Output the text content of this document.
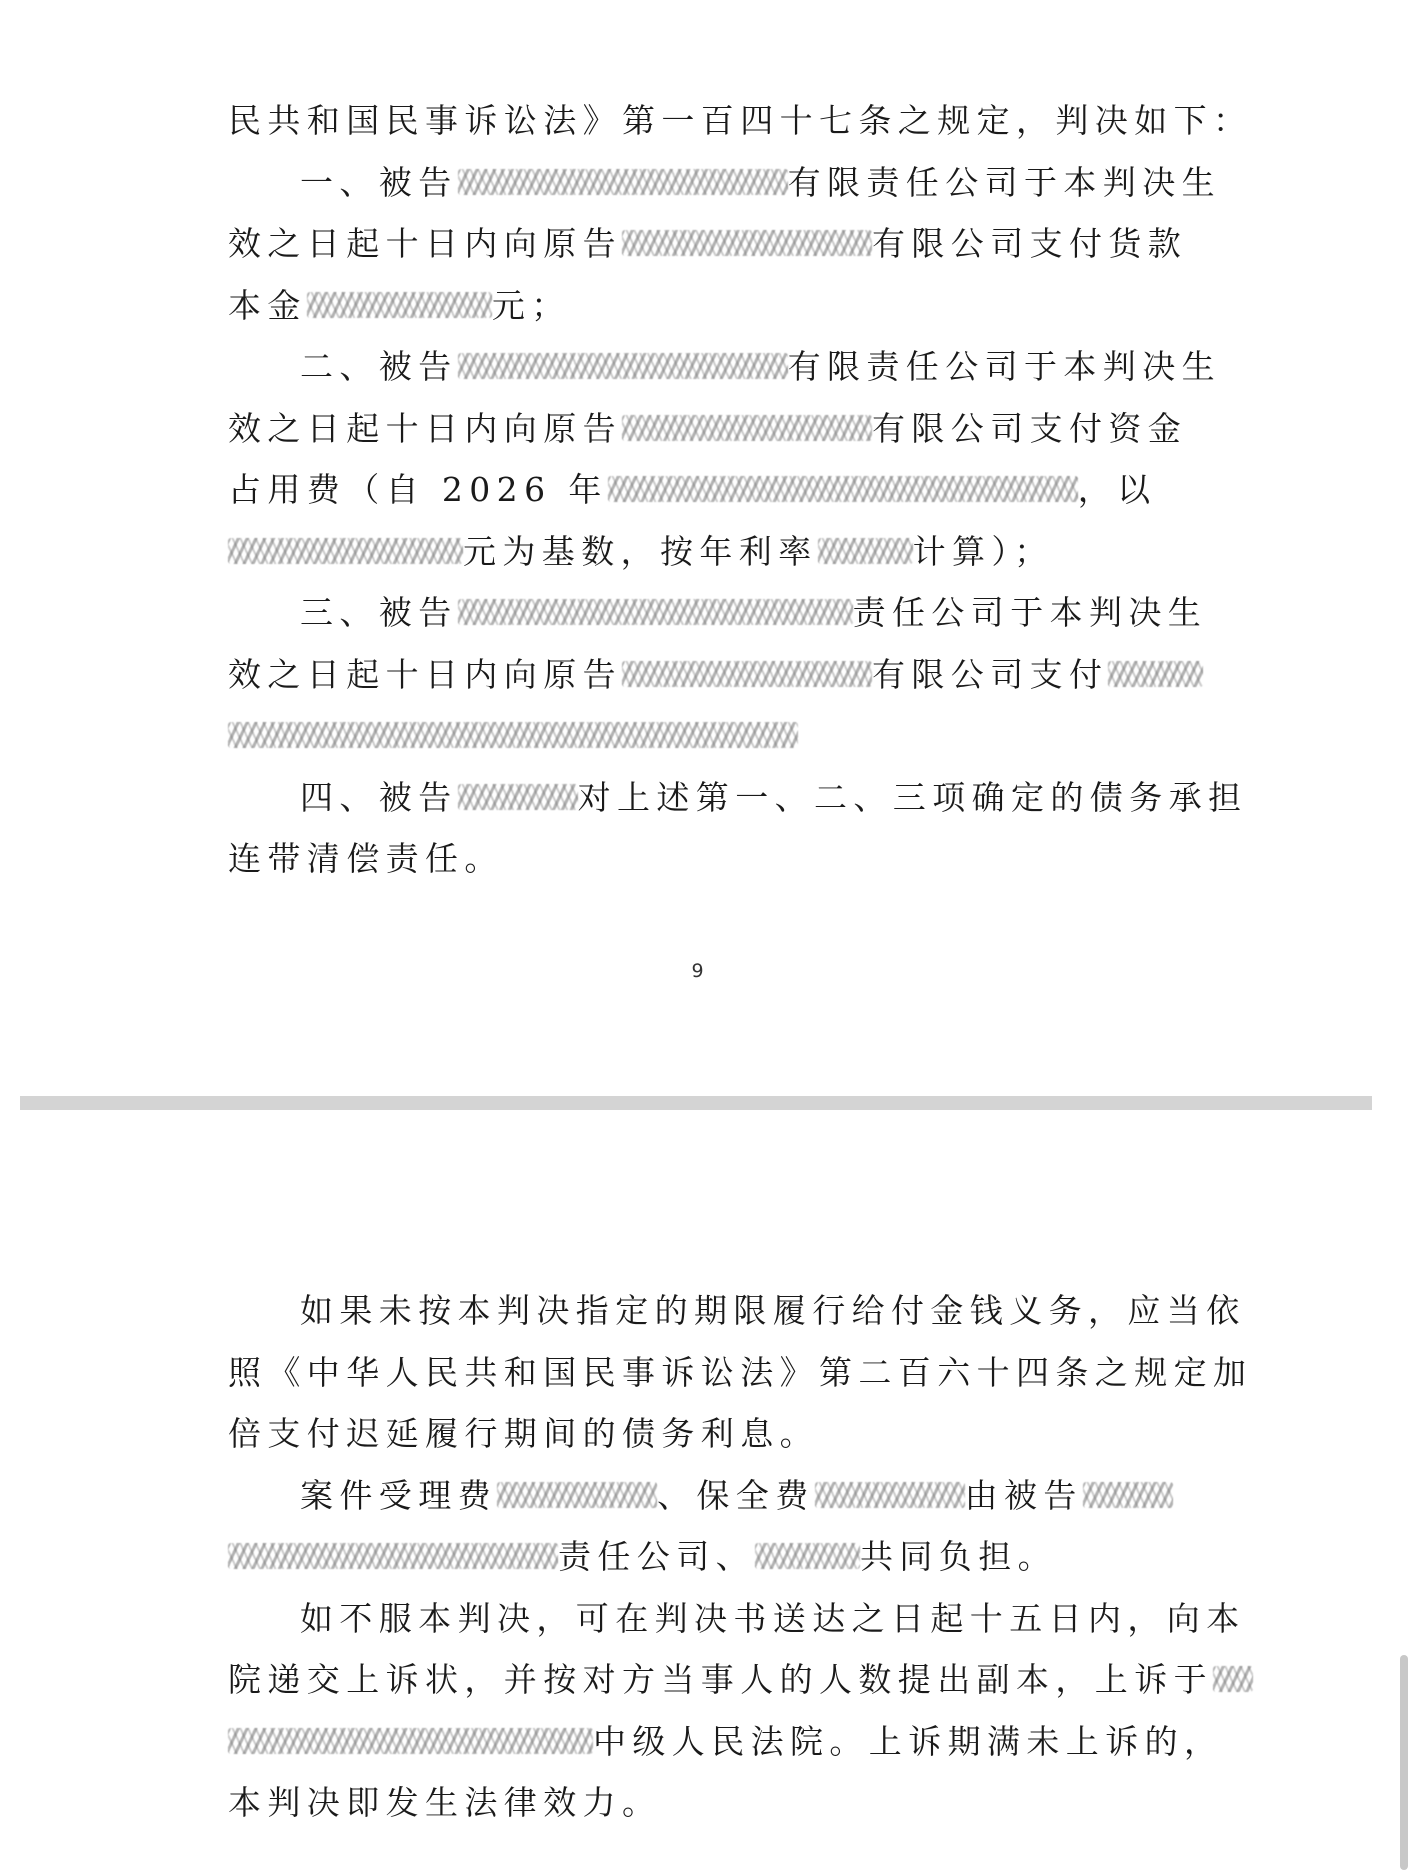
民共和国民事诉讼法》第一百四十七条之规定，判决如下：
一、被告	有限责任公司于本判决生
效之日起十日内向原告	有限公司支付货款
本金	元；
二、被告	有限责任公司于本判决生
效之日起十日内向原告	有限公司支付资金
占用费（自 2026 年	，以
元为基数，按年利率	计算）；
三、被告	责任公司于本判决生
效之日起十日内向原告	有限公司支付
四、被告	对上述第一、二、三项确定的债务承担
连带清偿责任。
9
如果未按本判决指定的期限履行给付金钱义务，应当依
照《中华人民共和国民事诉讼法》第二百六十四条之规定加
倍支付迟延履行期间的债务利息。
案件受理费	、保全费	由被告
责任公司、	共同负担。
如不服本判决，可在判决书送达之日起十五日内，向本
院递交上诉状，并按对方当事人的人数提出副本，上诉于
中级人民法院。上诉期满未上诉的，
本判决即发生法律效力。
